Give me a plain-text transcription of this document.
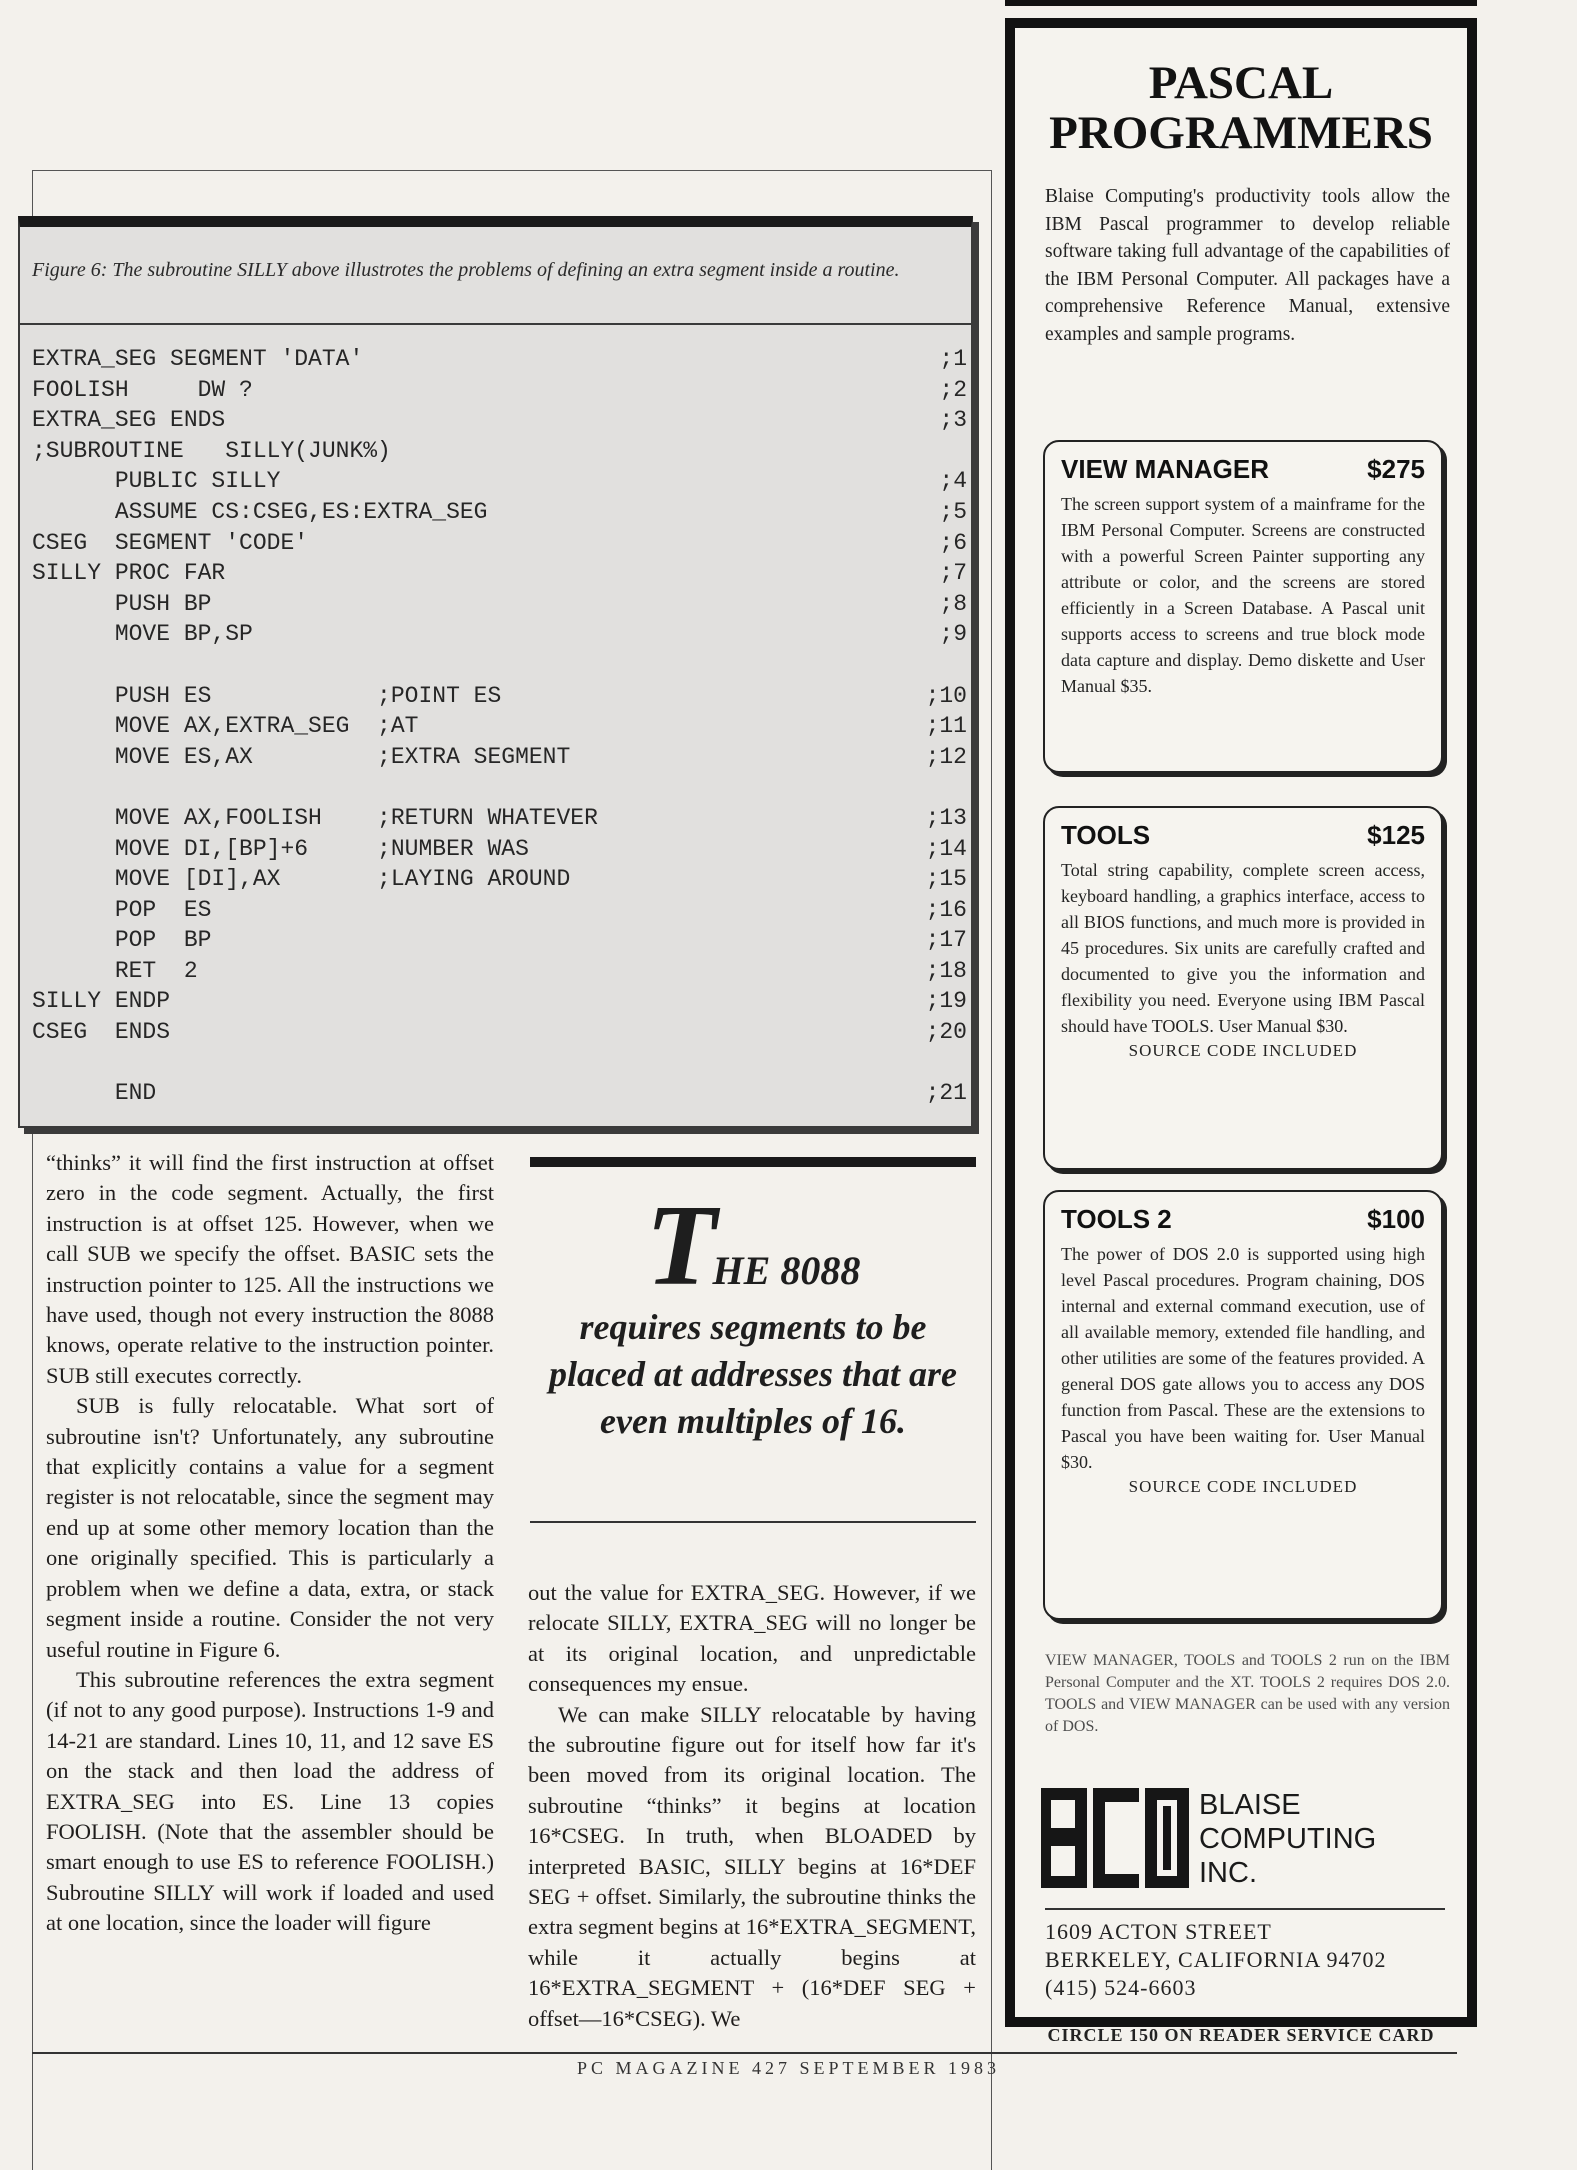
Figure 6: The subroutine SILLY above illustrotes the problems of defining an extra segment inside a routine.
EXTRA_SEG SEGMENT 'DATA'	;1
FOOLISH     DW ?	;2
EXTRA_SEG ENDS	;3
;SUBROUTINE   SILLY(JUNK%)
PUBLIC SILLY	;4
ASSUME CS:CSEG,ES:EXTRA_SEG	;5
CSEG  SEGMENT 'CODE'	;6
SILLY PROC FAR	;7
PUSH BP	;8
MOVE BP,SP	;9
PUSH ES            ;POINT ES	;10
MOVE AX,EXTRA_SEG  ;AT	;11
MOVE ES,AX         ;EXTRA SEGMENT	;12
MOVE AX,FOOLISH    ;RETURN WHATEVER	;13
MOVE DI,[BP]+6     ;NUMBER WAS	;14
MOVE [DI],AX       ;LAYING AROUND	;15
POP  ES	;16
POP  BP	;17
RET  2	;18
SILLY ENDP	;19
CSEG  ENDS	;20
END	;21

“thinks” it will find the first instruction at offset zero in the code segment. Actually, the first instruction is at offset 125. However, when we call SUB we specify the offset. BASIC sets the instruction pointer to 125. All the instructions we have used, though not every instruction the 8088 knows, operate relative to the instruction pointer. SUB still executes correctly.

SUB is fully relocatable. What sort of subroutine isn't? Unfortunately, any subroutine that explicitly contains a value for a segment register is not relocatable, since the segment may end up at some other memory location than the one originally specified. This is particularly a problem when we define a data, extra, or stack segment inside a routine. Consider the not very useful routine in Figure 6.

This subroutine references the extra segment (if not to any good purpose). Instructions 1-9 and 14-21 are standard. Lines 10, 11, and 12 save ES on the stack and then load the address of EXTRA_SEG into ES. Line 13 copies FOOLISH. (Note that the assembler should be smart enough to use ES to reference FOOLISH.) Subroutine SILLY will work if loaded and used at one location, since the loader will figure

THE 8088
requires segments to be placed at addresses that are even multiples of 16.

out the value for EXTRA_SEG. However, if we relocate SILLY, EXTRA_SEG will no longer be at its original location, and unpredictable consequences my ensue.

We can make SILLY relocatable by having the subroutine figure out for itself how far it's been moved from its original location. The subroutine “thinks” it begins at location 16*CSEG. In truth, when BLOADED by interpreted BASIC, SILLY begins at 16*DEF SEG + offset. Similarly, the subroutine thinks the extra segment begins at 16*EXTRA_SEGMENT, while it actually begins at 16*EXTRA_SEGMENT + (16*DEF SEG + offset—16*CSEG). We

PC MAGAZINE 427 SEPTEMBER 1983
PASCAL
PROGRAMMERS
Blaise Computing's productivity tools allow the IBM Pascal programmer to develop reliable software taking full advantage of the capabilities of the IBM Personal Computer. All packages have a comprehensive Reference Manual, extensive examples and sample programs.
VIEW MANAGER	$275
The screen support system of a mainframe for the IBM Personal Computer. Screens are constructed with a powerful Screen Painter supporting any attribute or color, and the screens are stored efficiently in a Screen Database. A Pascal unit supports access to screens and true block mode data capture and display. Demo diskette and User Manual $35.
TOOLS	$125
Total string capability, complete screen access, keyboard handling, a graphics interface, access to all BIOS functions, and much more is provided in 45 procedures. Six units are carefully crafted and documented to give you the information and flexibility you need. Everyone using IBM Pascal should have TOOLS. User Manual $30.
SOURCE CODE INCLUDED
TOOLS 2	$100
The power of DOS 2.0 is supported using high level Pascal procedures. Program chaining, DOS internal and external command execution, use of all available memory, extended file handling, and other utilities are some of the features provided. A general DOS gate allows you to access any DOS function from Pascal. These are the extensions to Pascal you have been waiting for. User Manual $30.
SOURCE CODE INCLUDED
VIEW MANAGER, TOOLS and TOOLS 2 run on the IBM Personal Computer and the XT. TOOLS 2 requires DOS 2.0. TOOLS and VIEW MANAGER can be used with any version of DOS.
BLAISE
COMPUTING
INC.
1609 ACTON STREET
BERKELEY, CALIFORNIA 94702
(415) 524-6603
CIRCLE 150 ON READER SERVICE CARD
